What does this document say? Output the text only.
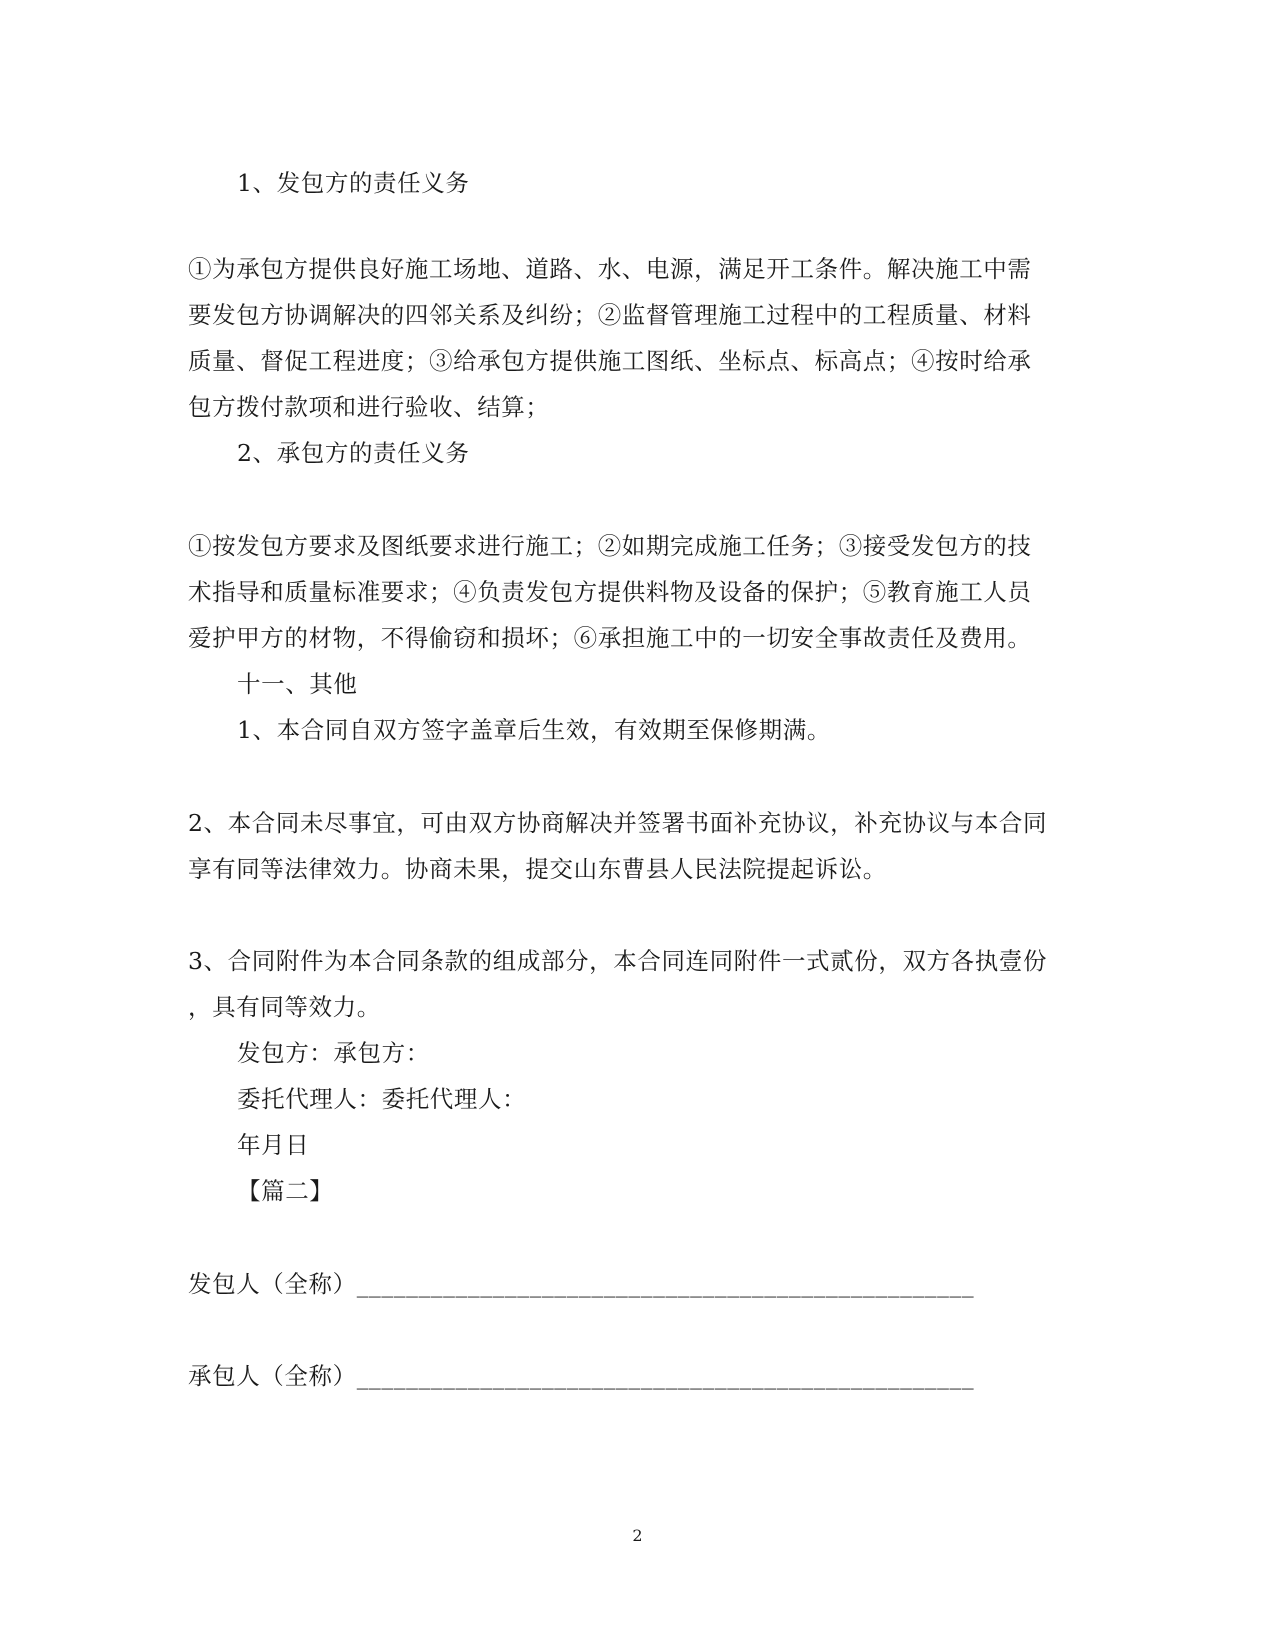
1、发包方的责任义务
①为承包方提供良好施工场地、道路、水、电源，满足开工条件。解决施工中需
要发包方协调解决的四邻关系及纠纷；②监督管理施工过程中的工程质量、材料
质量、督促工程进度；③给承包方提供施工图纸、坐标点、标高点；④按时给承
包方拨付款项和进行验收、结算；
2、承包方的责任义务
①按发包方要求及图纸要求进行施工；②如期完成施工任务；③接受发包方的技
术指导和质量标准要求；④负责发包方提供料物及设备的保护；⑤教育施工人员
爱护甲方的材物，不得偷窃和损坏；⑥承担施工中的一切安全事故责任及费用。
十一、其他
1、本合同自双方签字盖章后生效，有效期至保修期满。
2、本合同未尽事宜，可由双方协商解决并签署书面补充协议，补充协议与本合同
享有同等法律效力。协商未果，提交山东曹县人民法院提起诉讼。
3、合同附件为本合同条款的组成部分，本合同连同附件一式贰份，双方各执壹份
，具有同等效力。
发包方：承包方：
委托代理人：委托代理人：
年月日
【篇二】
发包人（全称）__________________________________________________
承包人（全称）__________________________________________________
2
